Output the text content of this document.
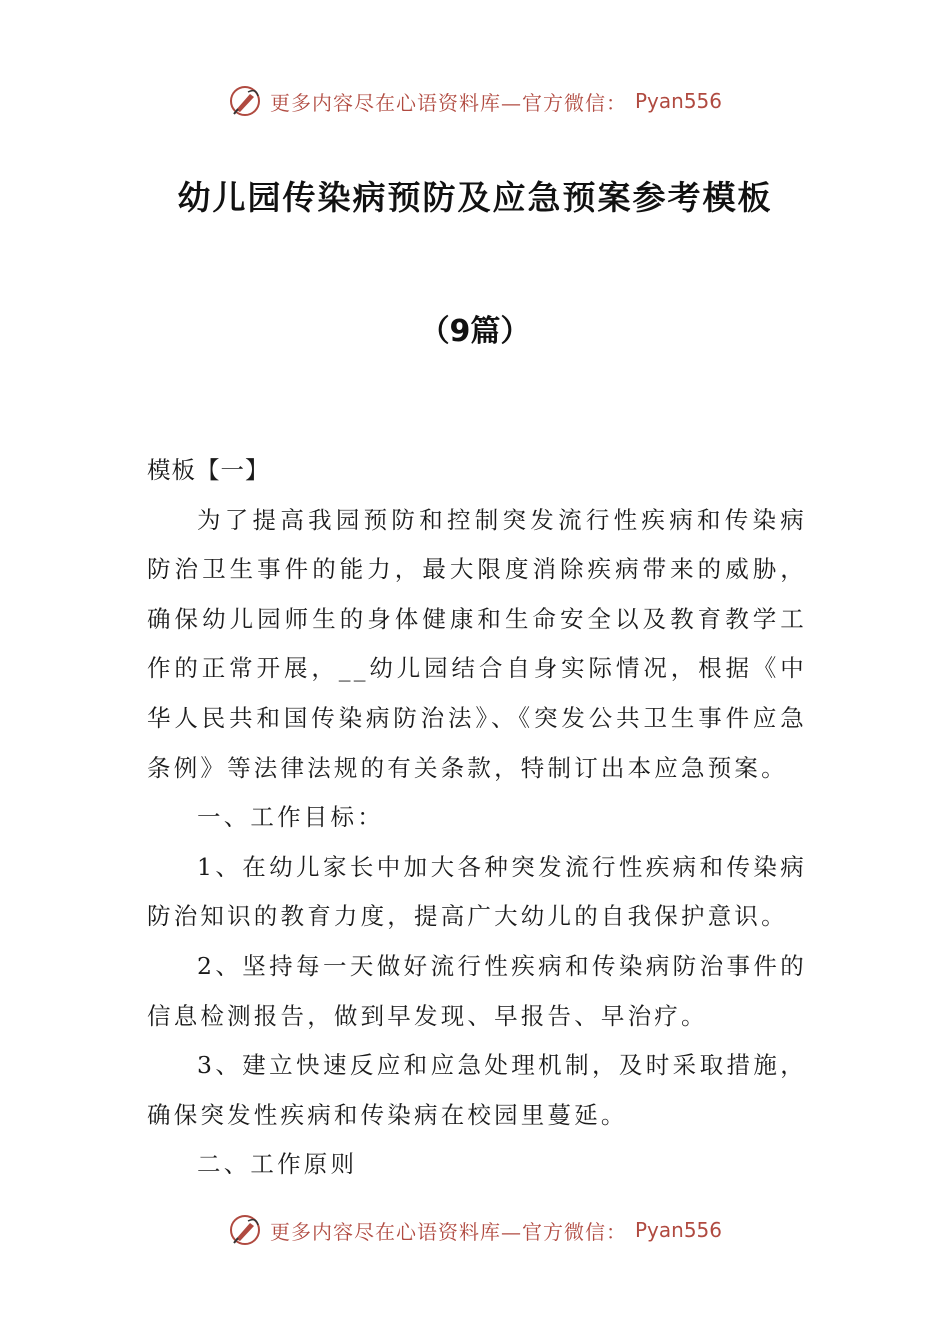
更多内容尽在心语资料库—官方微信： Pyan556
幼儿园传染病预防及应急预案参考模板
（9篇）

模板【一】

为了提高我园预防和控制突发流行性疾病和传染病防治卫生事件的能力，最大限度消除疾病带来的威胁，确保幼儿园师生的身体健康和生命安全以及教育教学工作的正常开展，__幼儿园结合自身实际情况，根据《中华人民共和国传染病防治法》、《突发公共卫生事件应急条例》等法律法规的有关条款，特制订出本应急预案。

一、工作目标：

1、在幼儿家长中加大各种突发流行性疾病和传染病防治知识的教育力度，提高广大幼儿的自我保护意识。

2、坚持每一天做好流行性疾病和传染病防治事件的信息检测报告，做到早发现、早报告、早治疗。

3、建立快速反应和应急处理机制，及时采取措施，确保突发性疾病和传染病在校园里蔓延。

二、工作原则

更多内容尽在心语资料库—官方微信： Pyan556
